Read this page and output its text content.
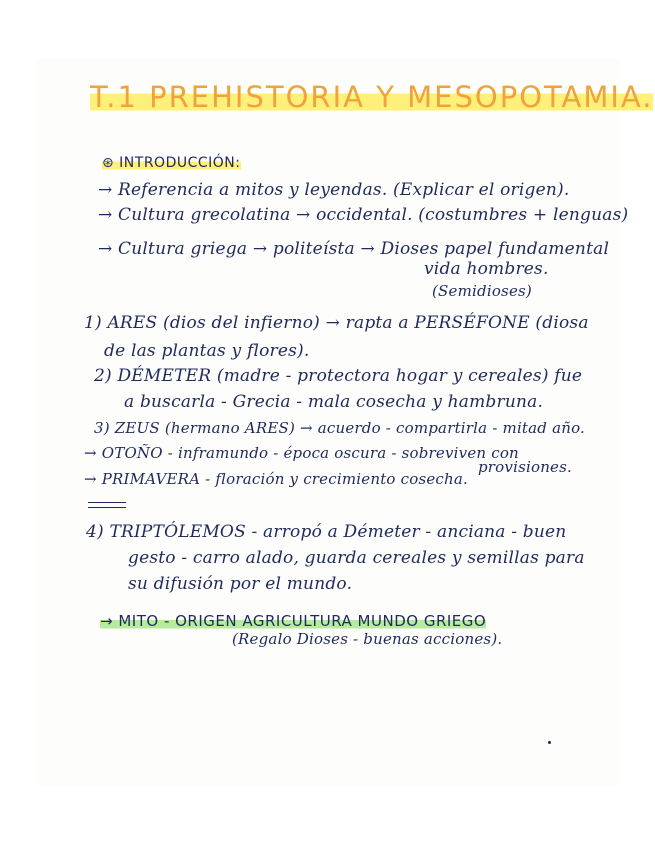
T.1 PREHISTORIA Y MESOPOTAMIA.
⊛ INTRODUCCIÓN:
→ Referencia a mitos y leyendas. (Explicar el origen).
→ Cultura grecolatina → occidental. (costumbres + lenguas)
→ Cultura griega → politeísta → Dioses papel fundamental
vida hombres.
(Semidioses)
1) ARES (dios del infierno) → rapta a PERSÉFONE (diosa
de las plantas y flores).
2) DÉMETER (madre - protectora hogar y cereales) fue
a buscarla - Grecia - mala cosecha y hambruna.
3) ZEUS (hermano ARES) → acuerdo - compartirla - mitad año.
→ OTOÑO - inframundo - época oscura - sobreviven con
provisiones.
→ PRIMAVERA - floración y crecimiento cosecha.
4) TRIPTÓLEMOS - arropó a Démeter - anciana - buen
gesto - carro alado, guarda cereales y semillas para
su difusión por el mundo.
→ MITO - ORIGEN AGRICULTURA MUNDO GRIEGO
(Regalo Dioses - buenas acciones).
